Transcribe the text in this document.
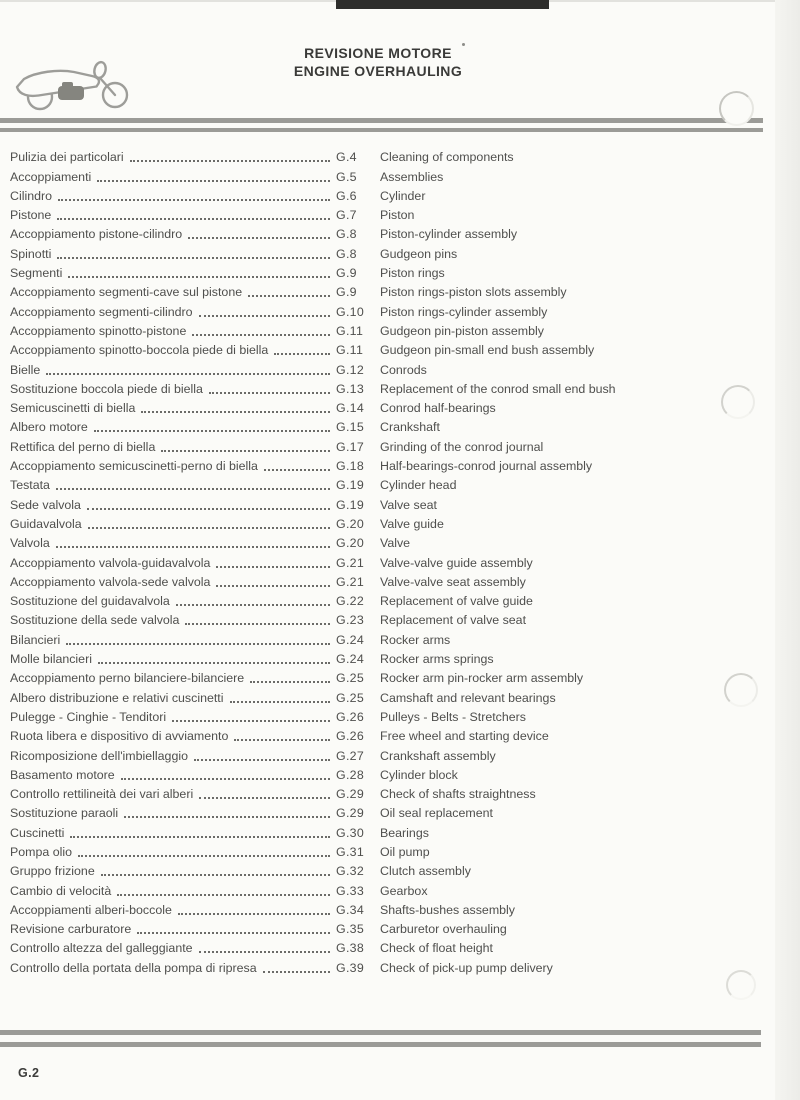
REVISIONE MOTORE
ENGINE OVERHAULING
Pulizia dei particolari	G.4	Cleaning of components
Accoppiamenti	G.5	Assemblies
Cilindro	G.6	Cylinder
Pistone	G.7	Piston
Accoppiamento pistone-cilindro	G.8	Piston-cylinder assembly
Spinotti	G.8	Gudgeon pins
Segmenti	G.9	Piston rings
Accoppiamento segmenti-cave sul pistone	G.9	Piston rings-piston slots assembly
Accoppiamento segmenti-cilindro	G.10	Piston rings-cylinder assembly
Accoppiamento spinotto-pistone	G.11	Gudgeon pin-piston assembly
Accoppiamento spinotto-boccola piede di biella	G.11	Gudgeon pin-small end bush assembly
Bielle	G.12	Conrods
Sostituzione boccola piede di biella	G.13	Replacement of the conrod small end bush
Semicuscinetti di biella	G.14	Conrod half-bearings
Albero motore	G.15	Crankshaft
Rettifica del perno di biella	G.17	Grinding of the conrod journal
Accoppiamento semicuscinetti-perno di biella	G.18	Half-bearings-conrod journal assembly
Testata	G.19	Cylinder head
Sede valvola	G.19	Valve seat
Guidavalvola	G.20	Valve guide
Valvola	G.20	Valve
Accoppiamento valvola-guidavalvola	G.21	Valve-valve guide assembly
Accoppiamento valvola-sede valvola	G.21	Valve-valve seat assembly
Sostituzione del guidavalvola	G.22	Replacement of valve guide
Sostituzione della sede valvola	G.23	Replacement of valve seat
Bilancieri	G.24	Rocker arms
Molle bilancieri	G.24	Rocker arms springs
Accoppiamento perno bilanciere-bilanciere	G.25	Rocker arm pin-rocker arm assembly
Albero distribuzione e relativi cuscinetti	G.25	Camshaft and relevant bearings
Pulegge - Cinghie - Tenditori	G.26	Pulleys - Belts - Stretchers
Ruota libera e dispositivo di avviamento	G.26	Free wheel and starting device
Ricomposizione dell'imbiellaggio	G.27	Crankshaft assembly
Basamento motore	G.28	Cylinder block
Controllo rettilineità dei vari alberi	G.29	Check of shafts straightness
Sostituzione paraoli	G.29	Oil seal replacement
Cuscinetti	G.30	Bearings
Pompa olio	G.31	Oil pump
Gruppo frizione	G.32	Clutch assembly
Cambio di velocità	G.33	Gearbox
Accoppiamenti alberi-boccole	G.34	Shafts-bushes assembly
Revisione carburatore	G.35	Carburetor overhauling
Controllo altezza del galleggiante	G.38	Check of float height
Controllo della portata della pompa di ripresa	G.39	Check of pick-up pump delivery
G.2
